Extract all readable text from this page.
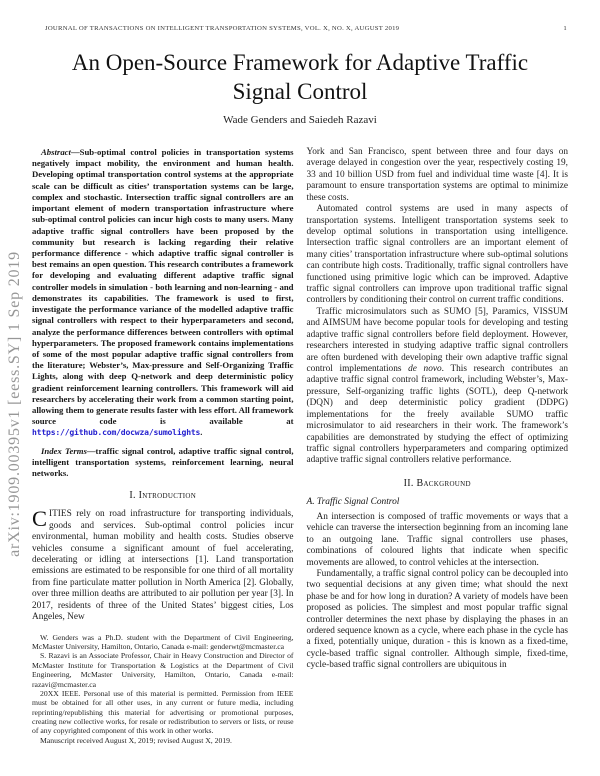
JOURNAL OF TRANSACTIONS ON INTELLIGENT TRANSPORTATION SYSTEMS, VOL. X, NO. X, AUGUST 2019	1
arXiv:1909.00395v1 [eess.SY] 1 Sep 2019
An Open-Source Framework for Adaptive Traffic Signal Control
Wade Genders and Saiedeh Razavi

Abstract—Sub-optimal control policies in transportation systems negatively impact mobility, the environment and human health. Developing optimal transportation control systems at the appropriate scale can be difficult as cities’ transportation systems can be large, complex and stochastic. Intersection traffic signal controllers are an important element of modern transportation infrastructure where sub-optimal control policies can incur high costs to many users. Many adaptive traffic signal controllers have been proposed by the community but research is lacking regarding their relative performance difference - which adaptive traffic signal controller is best remains an open question. This research contributes a framework for developing and evaluating different adaptive traffic signal controller models in simulation - both learning and non-learning - and demonstrates its capabilities. The framework is used to first, investigate the performance variance of the modelled adaptive traffic signal controllers with respect to their hyperparameters and second, analyze the performance differences between controllers with optimal hyperparameters. The proposed framework contains implementations of some of the most popular adaptive traffic signal controllers from the literature; Webster’s, Max-pressure and Self-Organizing Traffic Lights, along with deep Q-network and deep deterministic policy gradient reinforcement learning controllers. This framework will aid researchers by accelerating their work from a common starting point, allowing them to generate results faster with less effort. All framework source code is available at https://github.com/docwza/sumolights.

Index Terms—traffic signal control, adaptive traffic signal control, intelligent transportation systems, reinforcement learning, neural networks.

I. Introduction

CITIES rely on road infrastructure for transporting individuals, goods and services. Sub-optimal control policies incur environmental, human mobility and health costs. Studies observe vehicles consume a significant amount of fuel accelerating, decelerating or idling at intersections [1]. Land transportation emissions are estimated to be responsible for one third of all mortality from fine particulate matter pollution in North America [2]. Globally, over three million deaths are attributed to air pollution per year [3]. In 2017, residents of three of the United States’ biggest cities, Los Angeles, New

W. Genders was a Ph.D. student with the Department of Civil Engineering, McMaster University, Hamilton, Ontario, Canada e-mail: genderwt@mcmaster.ca

S. Razavi is an Associate Professor, Chair in Heavy Construction and Director of McMaster Institute for Transportation & Logistics at the Department of Civil Engineering, McMaster University, Hamilton, Ontario, Canada e-mail: razavi@mcmaster.ca

20XX IEEE. Personal use of this material is permitted. Permission from IEEE must be obtained for all other uses, in any current or future media, including reprinting/republishing this material for advertising or promotional purposes, creating new collective works, for resale or redistribution to servers or lists, or reuse of any copyrighted component of this work in other works.

Manuscript received August X, 2019; revised August X, 2019.

York and San Francisco, spent between three and four days on average delayed in congestion over the year, respectively costing 19, 33 and 10 billion USD from fuel and individual time waste [4]. It is paramount to ensure transportation systems are optimal to minimize these costs.

Automated control systems are used in many aspects of transportation systems. Intelligent transportation systems seek to develop optimal solutions in transportation using intelligence. Intersection traffic signal controllers are an important element of many cities’ transportation infrastructure where sub-optimal solutions can contribute high costs. Traditionally, traffic signal controllers have functioned using primitive logic which can be improved. Adaptive traffic signal controllers can improve upon traditional traffic signal controllers by conditioning their control on current traffic conditions.

Traffic microsimulators such as SUMO [5], Paramics, VISSUM and AIMSUM have become popular tools for developing and testing adaptive traffic signal controllers before field deployment. However, researchers interested in studying adaptive traffic signal controllers are often burdened with developing their own adaptive traffic signal control implementations de novo. This research contributes an adaptive traffic signal control framework, including Webster’s, Max-pressure, Self-organizing traffic lights (SOTL), deep Q-network (DQN) and deep deterministic policy gradient (DDPG) implementations for the freely available SUMO traffic microsimulator to aid researchers in their work. The framework’s capabilities are demonstrated by studying the effect of optimizing traffic signal controllers hyperparameters and comparing optimized adaptive traffic signal controllers relative performance.

II. Background
A. Traffic Signal Control

An intersection is composed of traffic movements or ways that a vehicle can traverse the intersection beginning from an incoming lane to an outgoing lane. Traffic signal controllers use phases, combinations of coloured lights that indicate when specific movements are allowed, to control vehicles at the intersection.

Fundamentally, a traffic signal control policy can be decoupled into two sequential decisions at any given time; what should the next phase be and for how long in duration? A variety of models have been proposed as policies. The simplest and most popular traffic signal controller determines the next phase by displaying the phases in an ordered sequence known as a cycle, where each phase in the cycle has a fixed, potentially unique, duration - this is known as a fixed-time, cycle-based traffic signal controller. Although simple, fixed-time, cycle-based traffic signal controllers are ubiquitous in
